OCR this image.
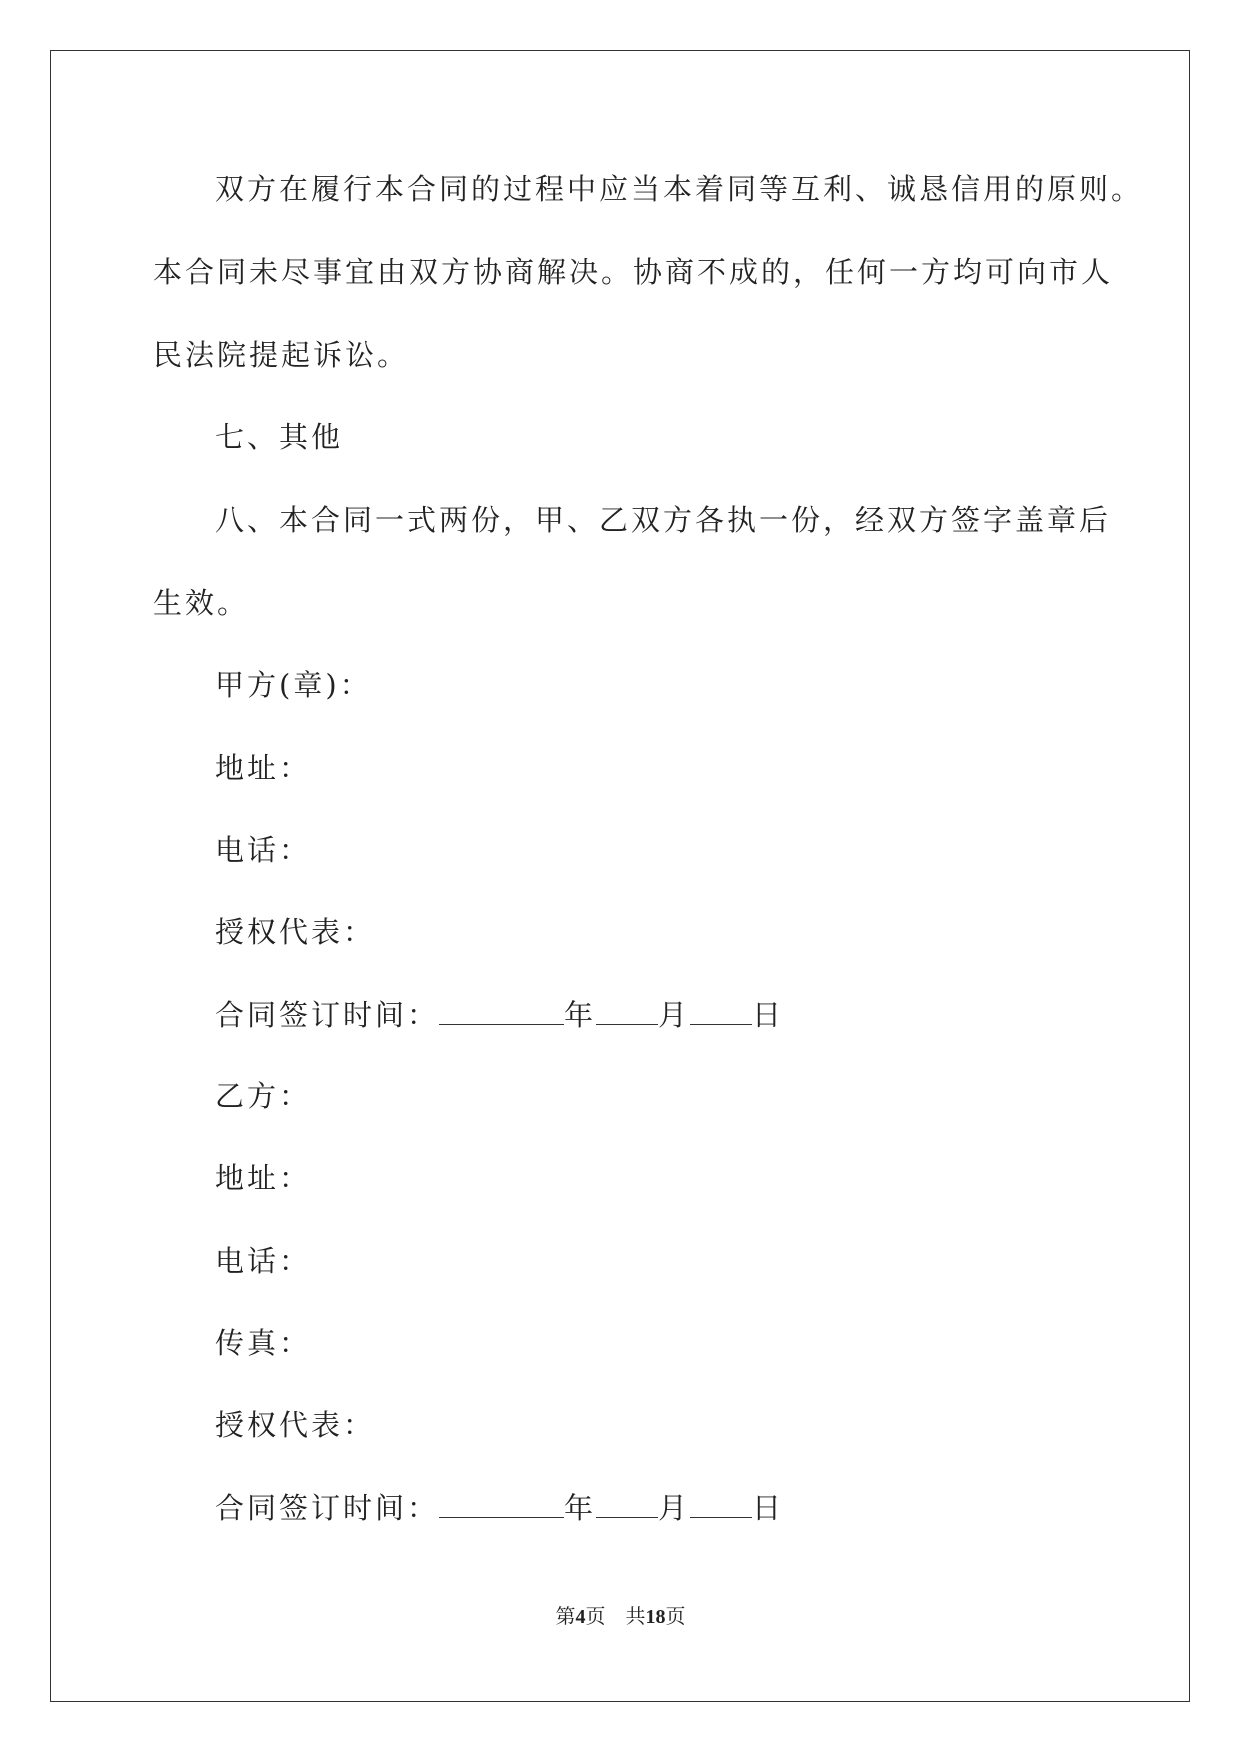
双方在履行本合同的过程中应当本着同等互利、诚恳信用的原则。
本合同未尽事宜由双方协商解决。协商不成的，任何一方均可向市人
民法院提起诉讼。
七、其他
八、本合同一式两份，甲、乙双方各执一份，经双方签字盖章后
生效。
甲方(章)：
地址：
电话：
授权代表：
合同签订时间：	年 月 日
乙方：
地址：
电话：
传真：
授权代表：
合同签订时间：	年 月 日
第4页 共18页
